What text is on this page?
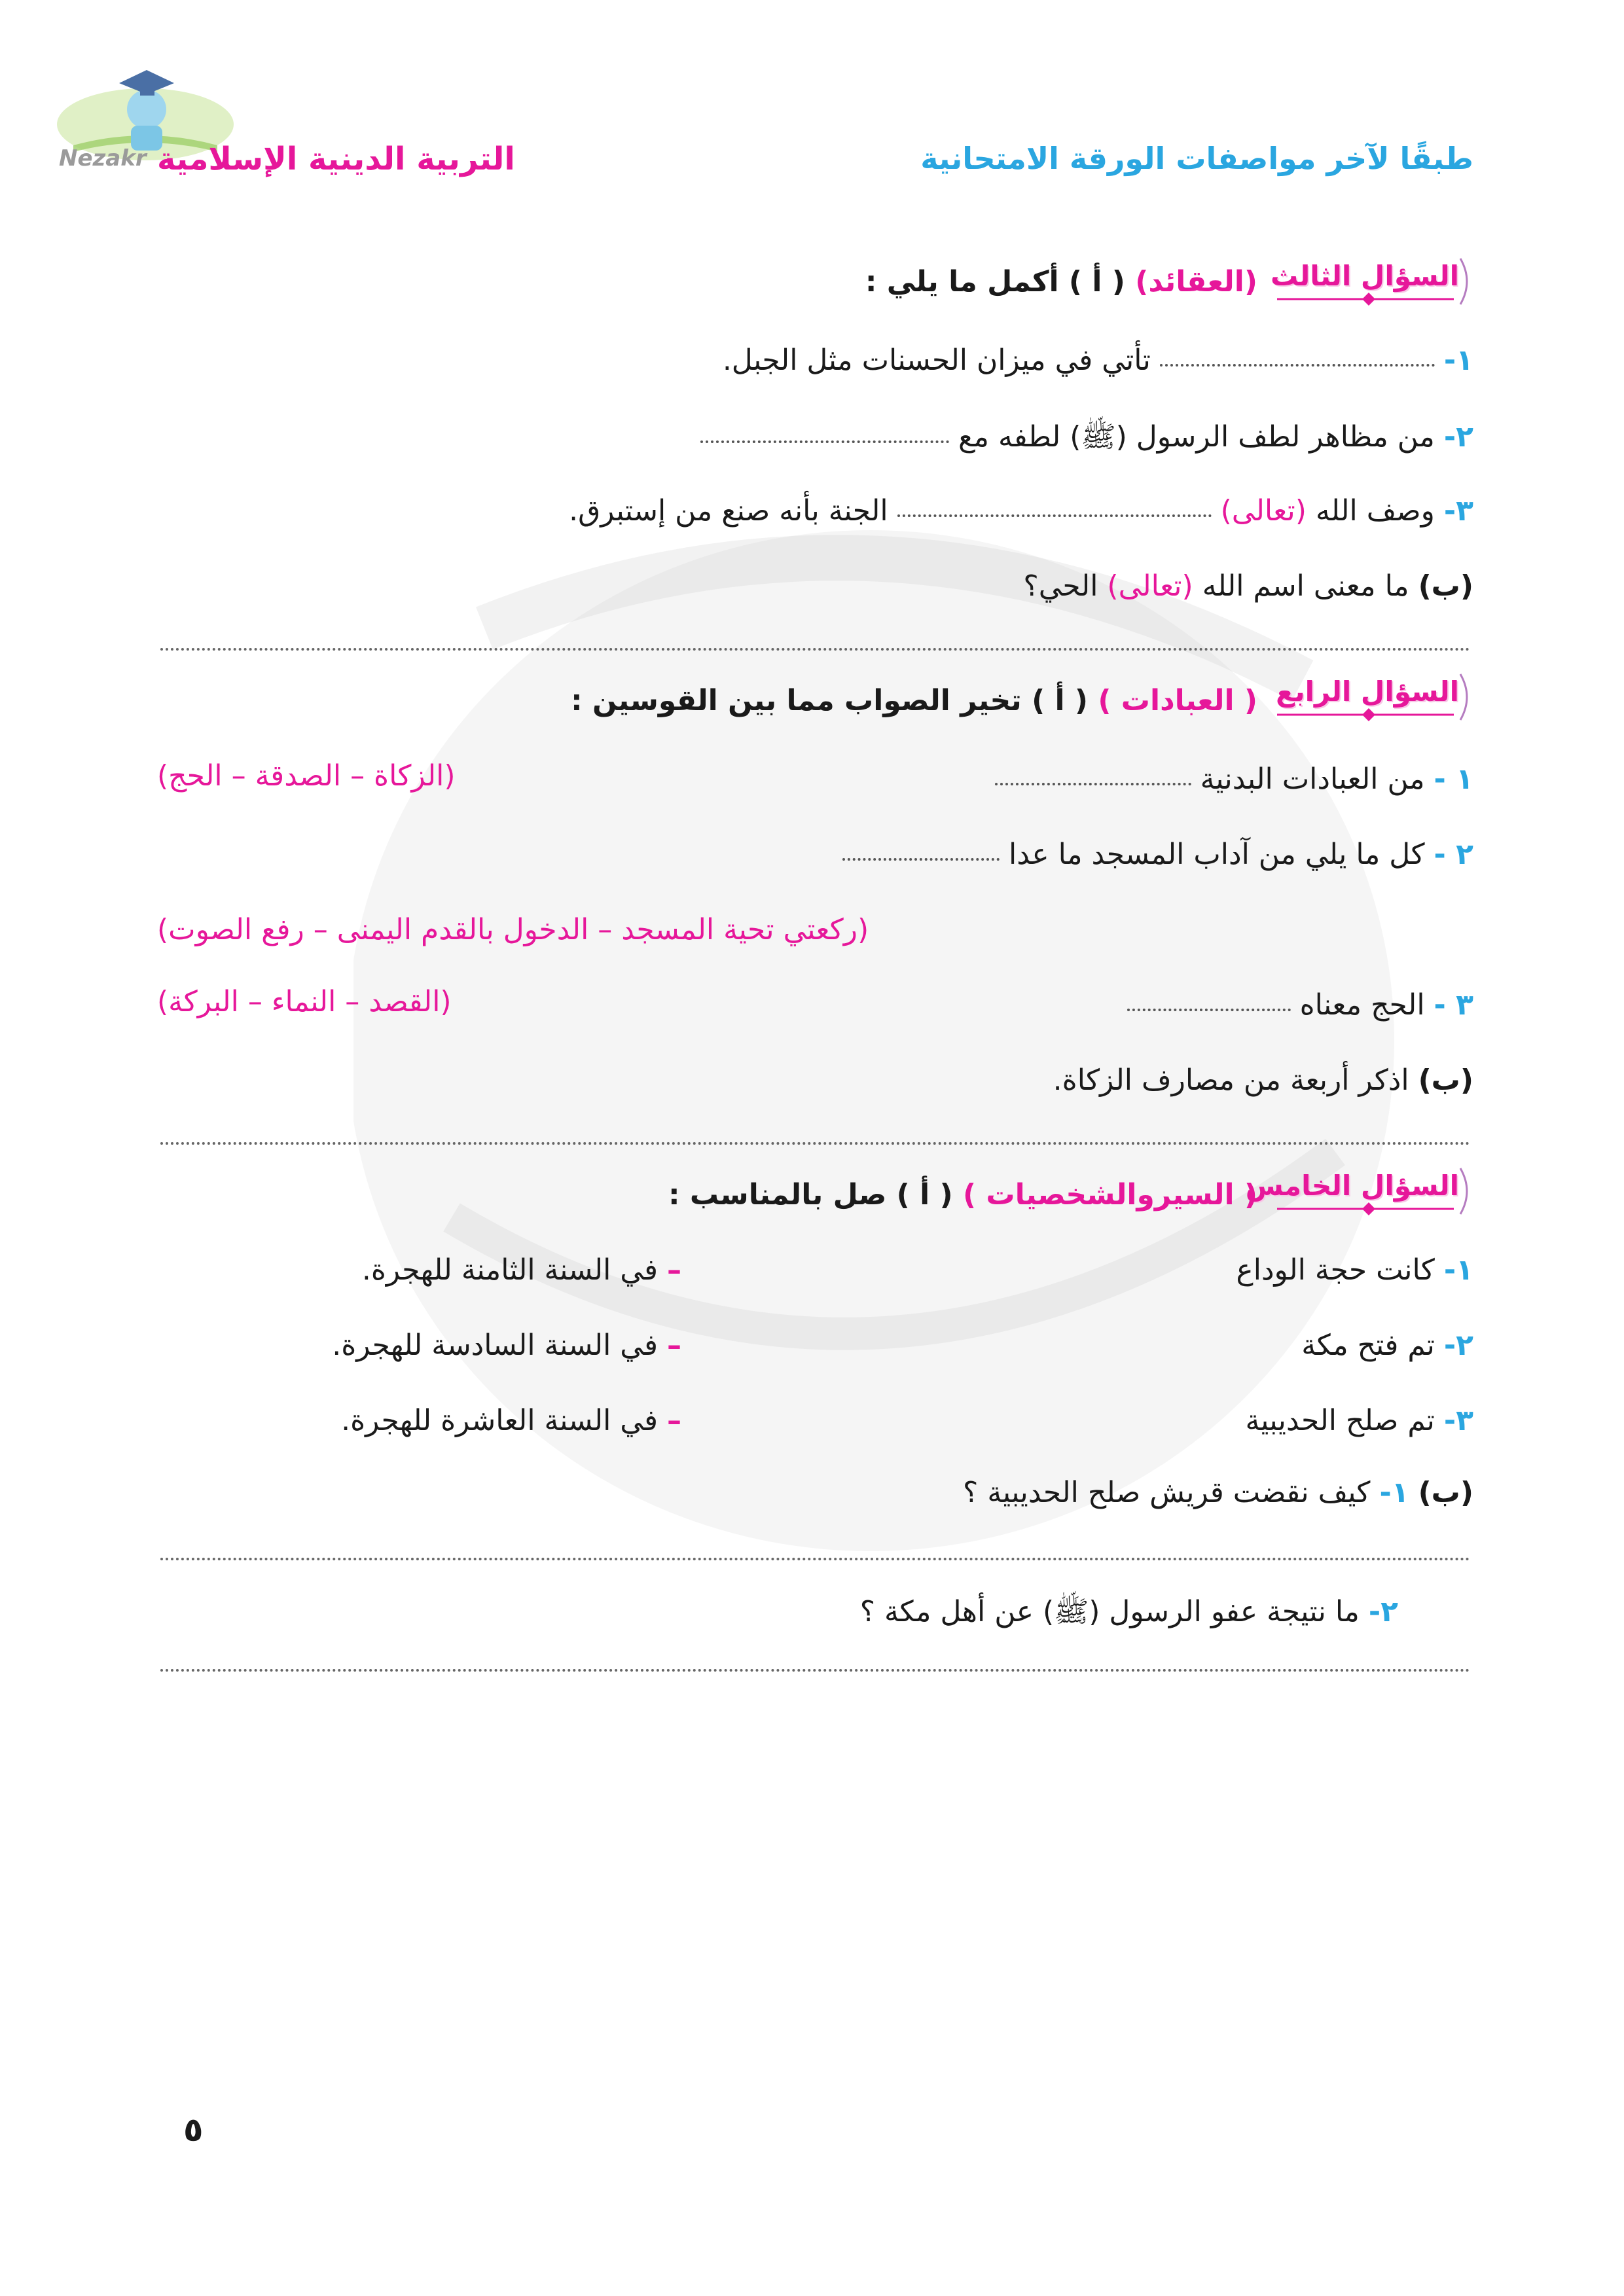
Nezakr	طبقًا لآخر مواصفات الورقة الامتحانية
التربية الدينية الإسلامية
السؤال الثالث
(العقائد) ( أ ) أكمل ما يلي :
١-  تأتي في ميزان الحسنات مثل الجبل.
٢- من مظاهر لطف الرسول (ﷺ) لطفه مع
٣- وصف الله (تعالى)  الجنة بأنه صنع من إستبرق.
(ب) ما معنى اسم الله (تعالى) الحي؟
السؤال الرابع
( العبادات ) ( أ ) تخير الصواب مما بين القوسين :
١ - من العبادات البدنية
(الزكاة – الصدقة – الحج)
٢ - كل ما يلي من آداب المسجد ما عدا
(ركعتي تحية المسجد – الدخول بالقدم اليمنى – رفع الصوت)
٣ - الحج معناه
(القصد – النماء – البركة)
(ب) اذكر أربعة من مصارف الزكاة.
السؤال الخامس
( السيروالشخصيات ) ( أ ) صل بالمناسب :
١- كانت حجة الوداع
– في السنة الثامنة للهجرة.
٢- تم فتح مكة
– في السنة السادسة للهجرة.
٣- تم صلح الحديبية
– في السنة العاشرة للهجرة.
(ب) ١- كيف نقضت قريش صلح الحديبية ؟
٢- ما نتيجة عفو الرسول (ﷺ) عن أهل مكة ؟
٥
